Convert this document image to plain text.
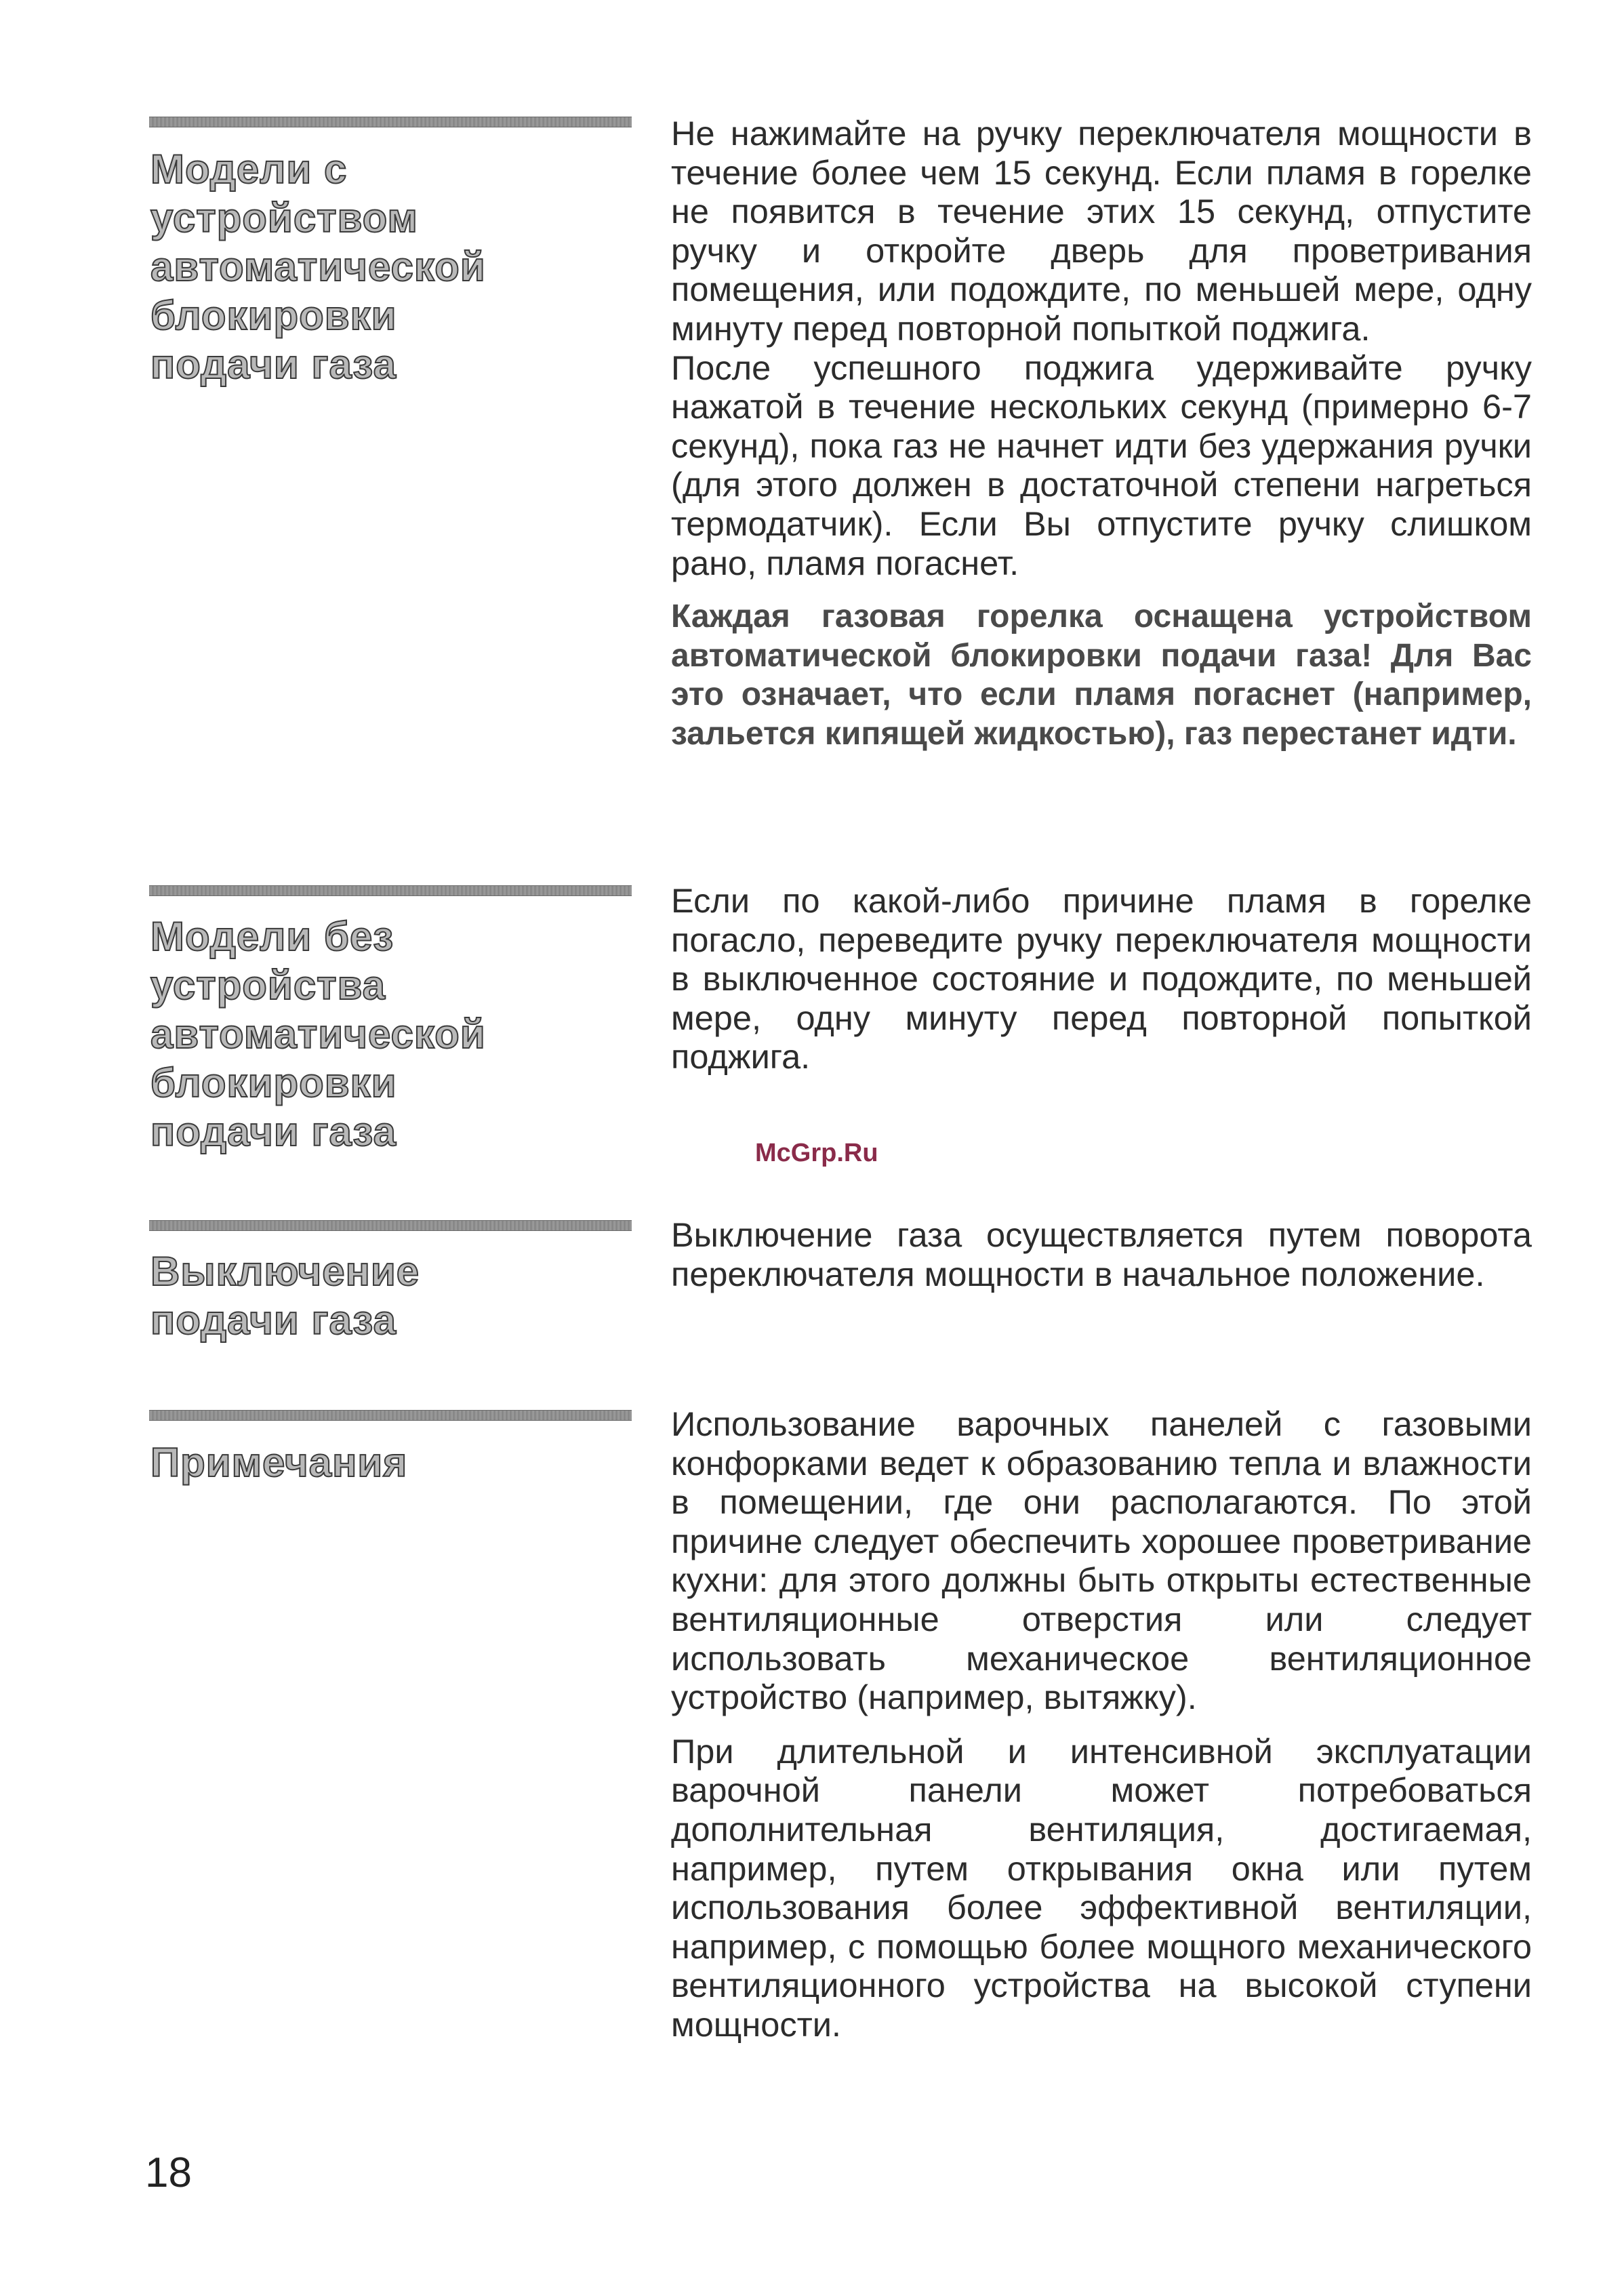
Модели с
устройством
автоматической
блокировки
подачи газа

Не нажимайте на ручку переключателя мощности в течение более чем 15 секунд. Если пламя в горелке не появится в течение этих 15 секунд, отпустите ручку и откройте дверь для проветривания помещения, или подождите, по меньшей мере, одну минуту перед повторной попыткой поджига.
После успешного поджига удерживайте ручку нажатой в течение нескольких секунд (примерно 6-7 секунд), пока газ не начнет идти без удержания ручки (для этого должен в достаточной степени нагреться термодатчик). Если Вы отпустите ручку слишком рано, пламя погаснет.

Каждая газовая горелка оснащена устройством автоматической блокировки подачи газа! Для Вас это означает, что если пламя погаснет (например, зальется кипящей жидкостью), газ перестанет идти.

Модели без
устройства
автоматической
блокировки
подачи газа

Если по какой-либо причине пламя в горелке погасло, переведите ручку переключателя мощности в выключенное состояние и подождите, по меньшей мере, одну минуту перед повторной попыткой поджига.

McGrp.Ru
Выключение
подачи газа

Выключение газа осуществляется путем поворота переключателя мощности в начальное положение.

Примечания

Использование варочных панелей с газовыми конфорками ведет к образованию тепла и влажности в помещении, где они располагаются. По этой причине следует обеспечить хорошее проветривание кухни: для этого должны быть открыты естественные вентиляционные отверстия или следует использовать механическое вентиляционное устройство (например, вытяжку).

При длительной и интенсивной эксплуатации варочной панели может потребоваться дополнительная вентиляция, достигаемая, например, путем открывания окна или путем использования более эффективной вентиляции, например, с помощью более мощного механического вентиляционного устройства на высокой ступени мощности.

18
